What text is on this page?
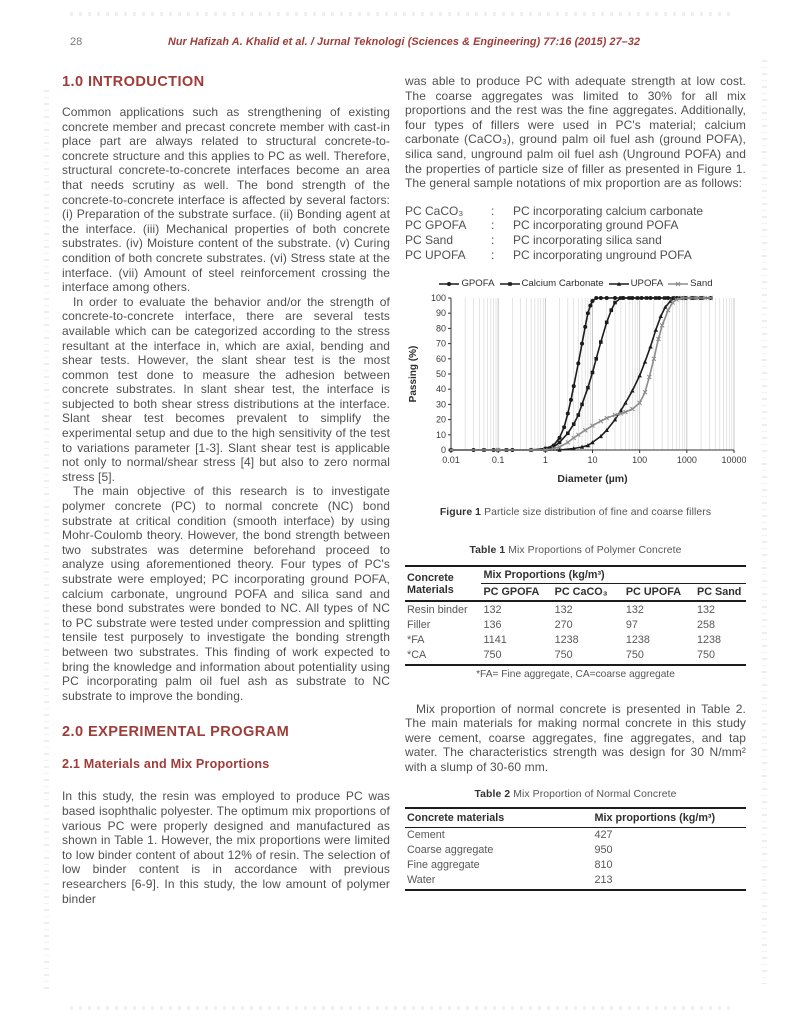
28	Nur Hafizah A. Khalid et al. / Jurnal Teknologi (Sciences & Engineering) 77:16 (2015) 27–32
1.0 INTRODUCTION

Common applications such as strengthening of existing concrete member and precast concrete member with cast-in place part are always related to structural concrete-to-concrete structure and this applies to PC as well. Therefore, structural concrete-to-concrete interfaces become an area that needs scrutiny as well. The bond strength of the concrete-to-concrete interface is affected by several factors: (i) Preparation of the substrate surface. (ii) Bonding agent at the interface. (iii) Mechanical properties of both concrete substrates. (iv) Moisture content of the substrate. (v) Curing condition of both concrete substrates. (vi) Stress state at the interface. (vii) Amount of steel reinforcement crossing the interface among others.

In order to evaluate the behavior and/or the strength of concrete-to-concrete interface, there are several tests available which can be categorized according to the stress resultant at the interface in, which are axial, bending and shear tests. However, the slant shear test is the most common test done to measure the adhesion between concrete substrates. In slant shear test, the interface is subjected to both shear stress distributions at the interface. Slant shear test becomes prevalent to simplify the experimental setup and due to the high sensitivity of the test to variations parameter [1-3]. Slant shear test is applicable not only to normal/shear stress [4] but also to zero normal stress [5].

The main objective of this research is to investigate polymer concrete (PC) to normal concrete (NC) bond substrate at critical condition (smooth interface) by using Mohr-Coulomb theory. However, the bond strength between two substrates was determine beforehand proceed to analyze using aforementioned theory. Four types of PC's substrate were employed; PC incorporating ground POFA, calcium carbonate, unground POFA and silica sand and these bond substrates were bonded to NC. All types of NC to PC substrate were tested under compression and splitting tensile test purposely to investigate the bonding strength between two substrates. This finding of work expected to bring the knowledge and information about potentiality using PC incorporating palm oil fuel ash as substrate to NC substrate to improve the bonding.

2.0 EXPERIMENTAL PROGRAM
2.1 Materials and Mix Proportions

In this study, the resin was employed to produce PC was based isophthalic polyester. The optimum mix proportions of various PC were properly designed and manufactured as shown in Table 1. However, the mix proportions were limited to low binder content of about 12% of resin. The selection of low binder content is in accordance with previous researchers [6-9]. In this study, the low amount of polymer binder

was able to produce PC with adequate strength at low cost. The coarse aggregates was limited to 30% for all mix proportions and the rest was the fine aggregates. Additionally, four types of fillers were used in PC's material; calcium carbonate (CaCO₃), ground palm oil fuel ash (ground POFA), silica sand, unground palm oil fuel ash (Unground POFA) and the properties of particle size of filler as presented in Figure 1. The general sample notations of mix proportion are as follows:

PC CaCO₃	:	PC incorporating calcium carbonate
PC GPOFA	:	PC incorporating ground POFA
PC Sand	:	PC incorporating silica sand
PC UPOFA	:	PC incorporating unground POFA
GPOFA	Calcium Carbonate	UPOFA	Sand
0
10
20
30
40
50
60
70
80
90
100
0.01	0.1	1	10	100	1000	10000
Diameter (µm)
Passing (%)
Figure 1 Particle size distribution of fine and coarse fillers
Table 1 Mix Proportions of Polymer Concrete
Concrete Materials	Mix Proportions (kg/m³)			
	PC GPOFA	PC CaCO₃	PC UPOFA	PC Sand
Resin binder	132	132	132	132
Filler	136	270	97	258
*FA	1141	1238	1238	1238
*CA	750	750	750	750
*FA= Fine aggregate, CA=coarse aggregate

Mix proportion of normal concrete is presented in Table 2. The main materials for making normal concrete in this study were cement, coarse aggregates, fine aggregates, and tap water. The characteristics strength was design for 30 N/mm² with a slump of 30-60 mm.

Table 2 Mix Proportion of Normal Concrete
Concrete materials	Mix proportions (kg/m³)
Cement	427
Coarse aggregate	950
Fine aggregate	810
Water	213
